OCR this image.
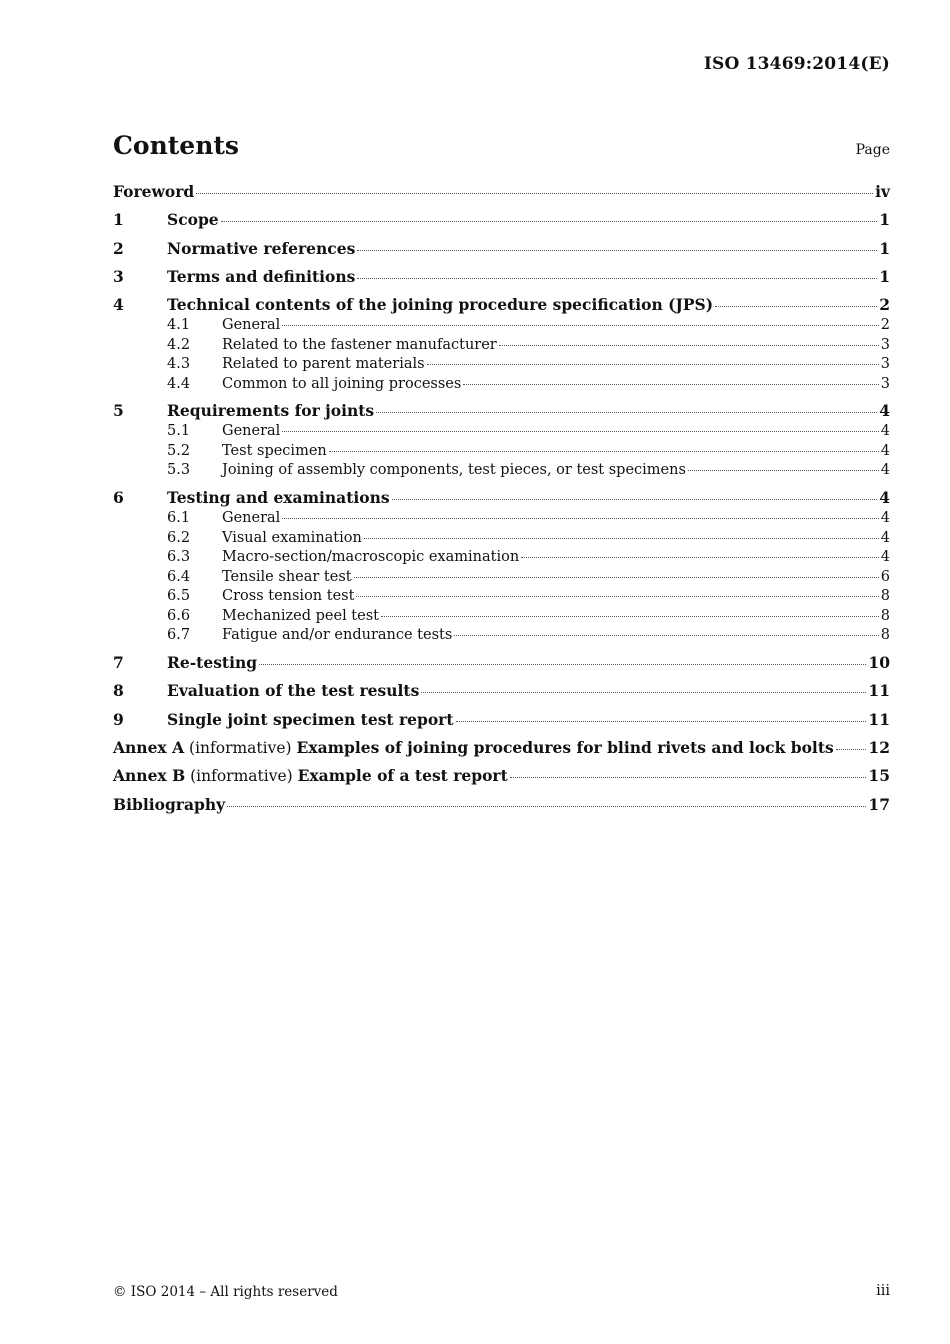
ISO 13469:2014(E)
Contents	Page
Foreword	iv
1	Scope	1
2	Normative references	1
3	Terms and definitions	1
4	Technical contents of the joining procedure specification (JPS)	2
4.1	General	2
4.2	Related to the fastener manufacturer	3
4.3	Related to parent materials	3
4.4	Common to all joining processes	3
5	Requirements for joints	4
5.1	General	4
5.2	Test specimen	4
5.3	Joining of assembly components, test pieces, or test specimens	4
6	Testing and examinations	4
6.1	General	4
6.2	Visual examination	4
6.3	Macro-section/macroscopic examination	4
6.4	Tensile shear test	6
6.5	Cross tension test	8
6.6	Mechanized peel test	8
6.7	Fatigue and/or endurance tests	8
7	Re-testing	10
8	Evaluation of the test results	11
9	Single joint specimen test report	11
Annex A (informative) Examples of joining procedures for blind rivets and lock bolts 12
Annex B (informative) Example of a test report	15
Bibliography	17
© ISO 2014 – All rights reserved	iii
